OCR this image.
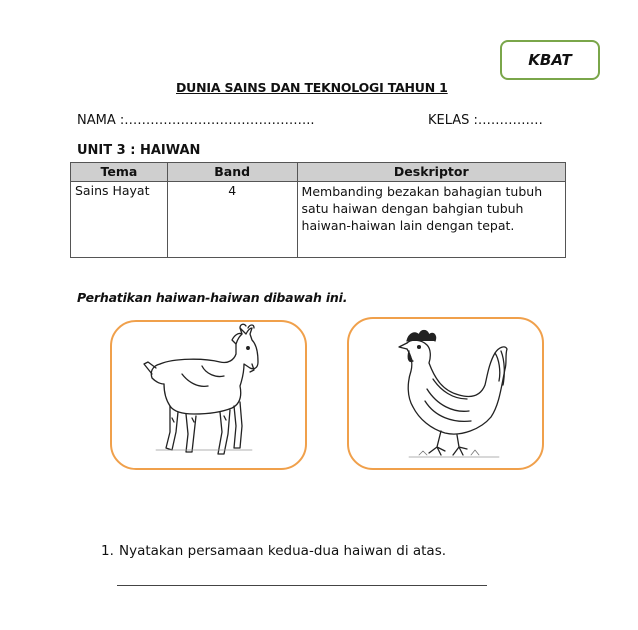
KBAT
DUNIA SAINS DAN TEKNOLOGI TAHUN 1
NAMA :……………………………………..	KELAS :……………
UNIT 3 : HAIWAN
Tema	Band	Deskriptor
Sains Hayat	4	Membanding bezakan bahagian tubuh satu haiwan dengan bahgian tubuh haiwan-haiwan lain dengan tepat.
Perhatikan haiwan-haiwan dibawah ini.
1. Nyatakan persamaan kedua-dua haiwan di atas.
